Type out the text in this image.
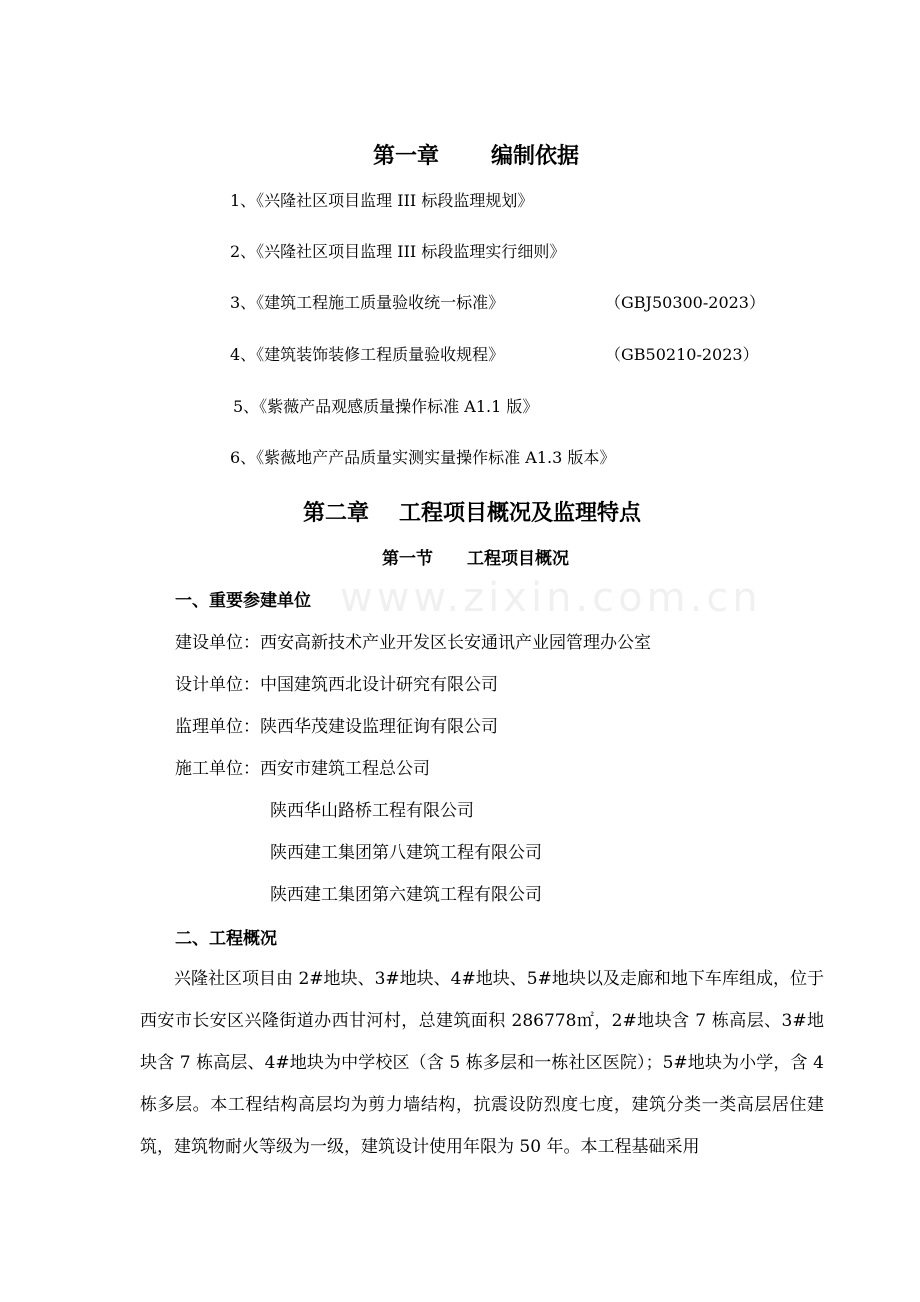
www.zixin.com.cn
第一章 编制依据
1、《兴隆社区项目监理 III 标段监理规划》
2、《兴隆社区项目监理 III 标段监理实行细则》
3、《建筑工程施工质量验收统一标准》	（GBJ50300-2023）
4、《建筑装饰装修工程质量验收规程》	（GB50210-2023）
5、《紫薇产品观感质量操作标准 A1.1 版》
6、《紫薇地产产品质量实测实量操作标准 A1.3 版本》
第二章 工程项目概况及监理特点
第一节 工程项目概况
一、重要参建单位
建设单位：西安高新技术产业开发区长安通讯产业园管理办公室
设计单位：中国建筑西北设计研究有限公司
监理单位：陕西华茂建设监理征询有限公司
施工单位：西安市建筑工程总公司
陕西华山路桥工程有限公司
陕西建工集团第八建筑工程有限公司
陕西建工集团第六建筑工程有限公司
二、工程概况

兴隆社区项目由 2#地块、3#地块、4#地块、5#地块以及走廊和地下车库组成，位于西安市长安区兴隆街道办西甘河村，总建筑面积 286778㎡，2#地块含 7 栋高层、3#地块含 7 栋高层、4#地块为中学校区（含 5 栋多层和一栋社区医院）；5#地块为小学，含 4 栋多层。本工程结构高层均为剪力墙结构，抗震设防烈度七度，建筑分类一类高层居住建筑，建筑物耐火等级为一级，建筑设计使用年限为 50 年。本工程基础采用
